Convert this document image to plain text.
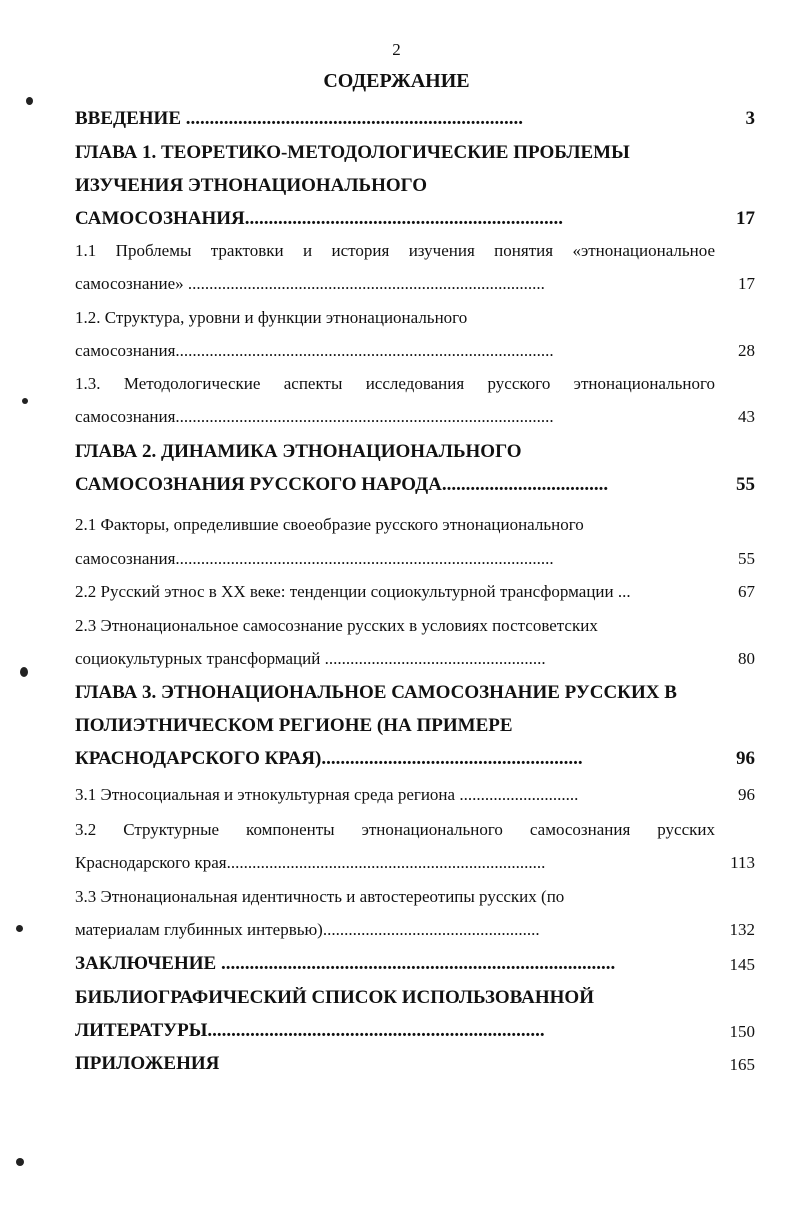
2
СОДЕРЖАНИЕ
ВВЕДЕНИЕ .......................................................................	3
ГЛАВА 1. ТЕОРЕТИКО-МЕТОДОЛОГИЧЕСКИЕ ПРОБЛЕМЫ
ИЗУЧЕНИЯ ЭТНОНАЦИОНАЛЬНОГО
САМОСОЗНАНИЯ...................................................................	17
1.1 Проблемы трактовки и история изучения понятия «этнонациональное
самосознание» ....................................................................................	17
1.2. Структура, уровни и функции этнонационального
самосознания.........................................................................................	28
1.3. Методологические аспекты исследования русского этнонационального
самосознания.........................................................................................	43
ГЛАВА 2. ДИНАМИКА ЭТНОНАЦИОНАЛЬНОГО
САМОСОЗНАНИЯ РУССКОГО НАРОДА...................................	55
2.1 Факторы, определившие своеобразие русского этнонационального
самосознания.........................................................................................	55
2.2 Русский этнос в XX веке: тенденции социокультурной трансформации ...	67
2.3 Этнонациональное самосознание русских в условиях постсоветских
социокультурных трансформаций ....................................................	80
ГЛАВА 3. ЭТНОНАЦИОНАЛЬНОЕ САМОСОЗНАНИЕ РУССКИХ В
ПОЛИЭТНИЧЕСКОМ РЕГИОНЕ (НА ПРИМЕРЕ
КРАСНОДАРСКОГО КРАЯ).......................................................	96
3.1 Этносоциальная и этнокультурная среда региона ............................	96
3.2 Структурные компоненты этнонационального самосознания русских
Краснодарского края...........................................................................	113
3.3 Этнонациональная идентичность и автостереотипы русских (по
материалам глубинных интервью)...................................................	132
ЗАКЛЮЧЕНИЕ ...................................................................................	145
БИБЛИОГРАФИЧЕСКИЙ СПИСОК ИСПОЛЬЗОВАННОЙ
ЛИТЕРАТУРЫ.......................................................................	150
ПРИЛОЖЕНИЯ	165
